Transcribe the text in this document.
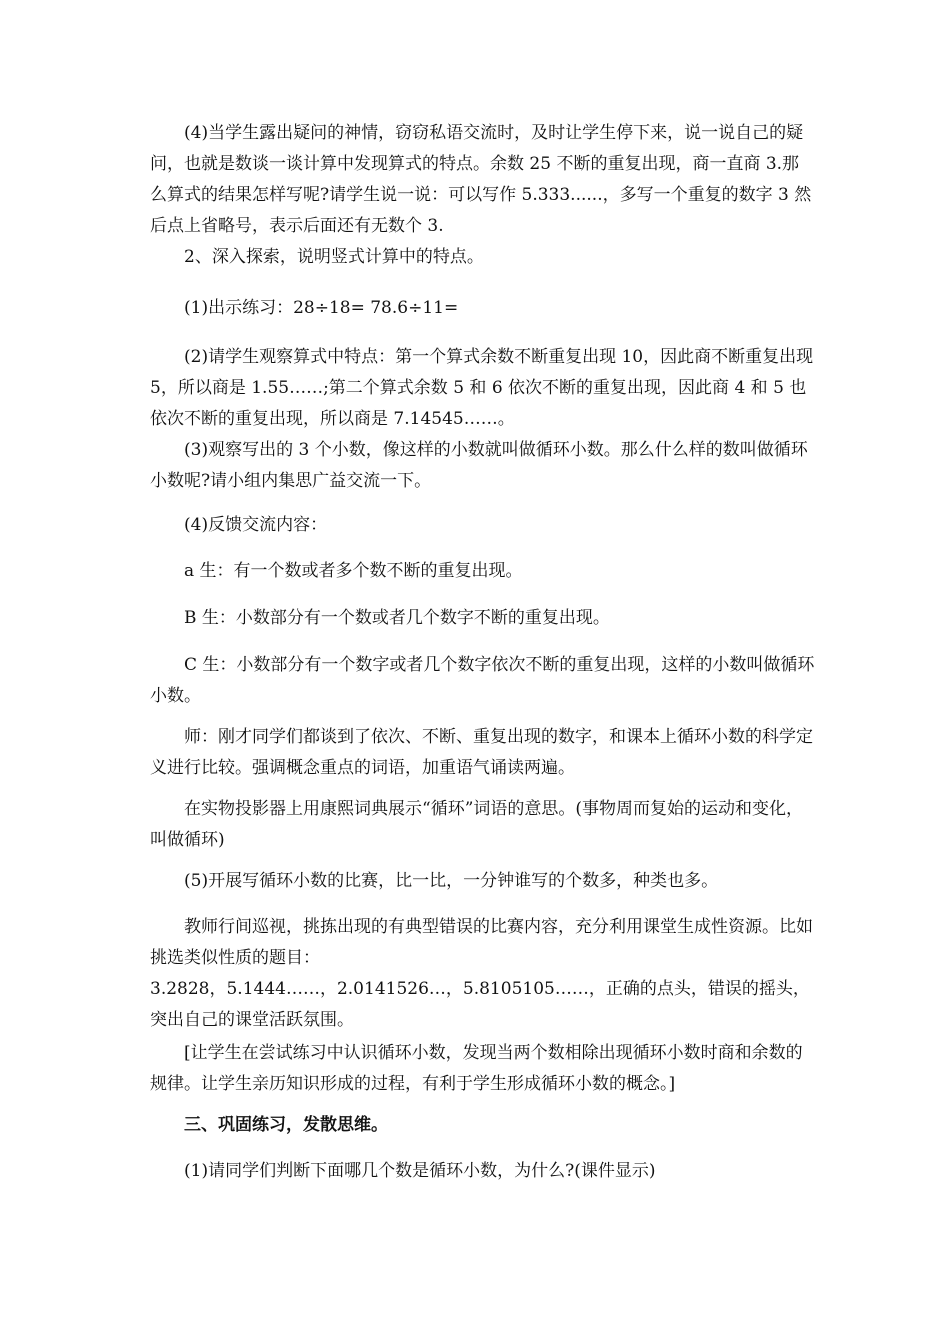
(4)当学生露出疑问的神情，窃窃私语交流时，及时让学生停下来，说一说自己的疑问，也就是数谈一谈计算中发现算式的特点。余数 25 不断的重复出现，商一直商 3.那么算式的结果怎样写呢?请学生说一说：可以写作 5.333......，多写一个重复的数字 3 然后点上省略号，表示后面还有无数个 3.

2、深入探索，说明竖式计算中的特点。

(1)出示练习：28÷18= 78.6÷11=

(2)请学生观察算式中特点：第一个算式余数不断重复出现 10，因此商不断重复出现 5，所以商是 1.55……;第二个算式余数 5 和 6 依次不断的重复出现，因此商 4 和 5 也依次不断的重复出现，所以商是 7.14545……。

(3)观察写出的 3 个小数，像这样的小数就叫做循环小数。那么什么样的数叫做循环小数呢?请小组内集思广益交流一下。

(4)反馈交流内容：

a 生：有一个数或者多个数不断的重复出现。

B 生：小数部分有一个数或者几个数字不断的重复出现。

C 生：小数部分有一个数字或者几个数字依次不断的重复出现，这样的小数叫做循环小数。

师：刚才同学们都谈到了依次、不断、重复出现的数字，和课本上循环小数的科学定义进行比较。强调概念重点的词语，加重语气诵读两遍。

在实物投影器上用康熙词典展示“循环”词语的意思。(事物周而复始的运动和变化，叫做循环)

(5)开展写循环小数的比赛，比一比，一分钟谁写的个数多，种类也多。

教师行间巡视，挑拣出现的有典型错误的比赛内容，充分利用课堂生成性资源。比如挑选类似性质的题目：

3.2828，5.1444……，2.0141526…，5.8105105……，正确的点头，错误的摇头，突出自己的课堂活跃氛围。

[让学生在尝试练习中认识循环小数，发现当两个数相除出现循环小数时商和余数的规律。让学生亲历知识形成的过程，有利于学生形成循环小数的概念。]

三、巩固练习，发散思维。

(1)请同学们判断下面哪几个数是循环小数，为什么?(课件显示)
